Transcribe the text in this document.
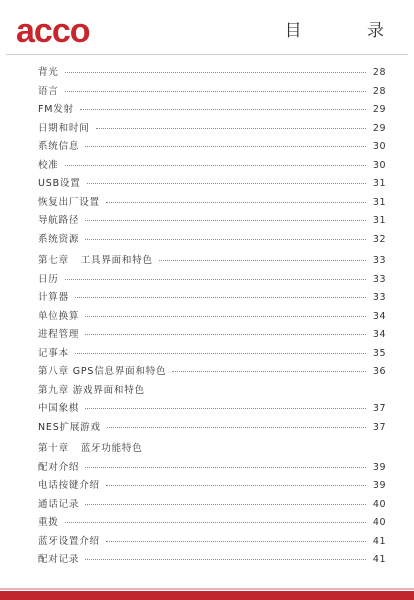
acco	目 录
背光	28
语言	28
FM发射	29
日期和时间	29
系统信息	30
校准	30
USB设置	31
恢复出厂设置	31
导航路径	31
系统资源	32
第七章 工具界面和特色	33
日历	33
计算器	33
单位换算	34
进程管理	34
记事本	35
第八章 GPS信息界面和特色	36
第九章 游戏界面和特色
中国象棋	37
NES扩展游戏	37
第十章 蓝牙功能特色
配对介绍	39
电话按键介绍	39
通话记录	40
重拨	40
蓝牙设置介绍	41
配对记录	41
